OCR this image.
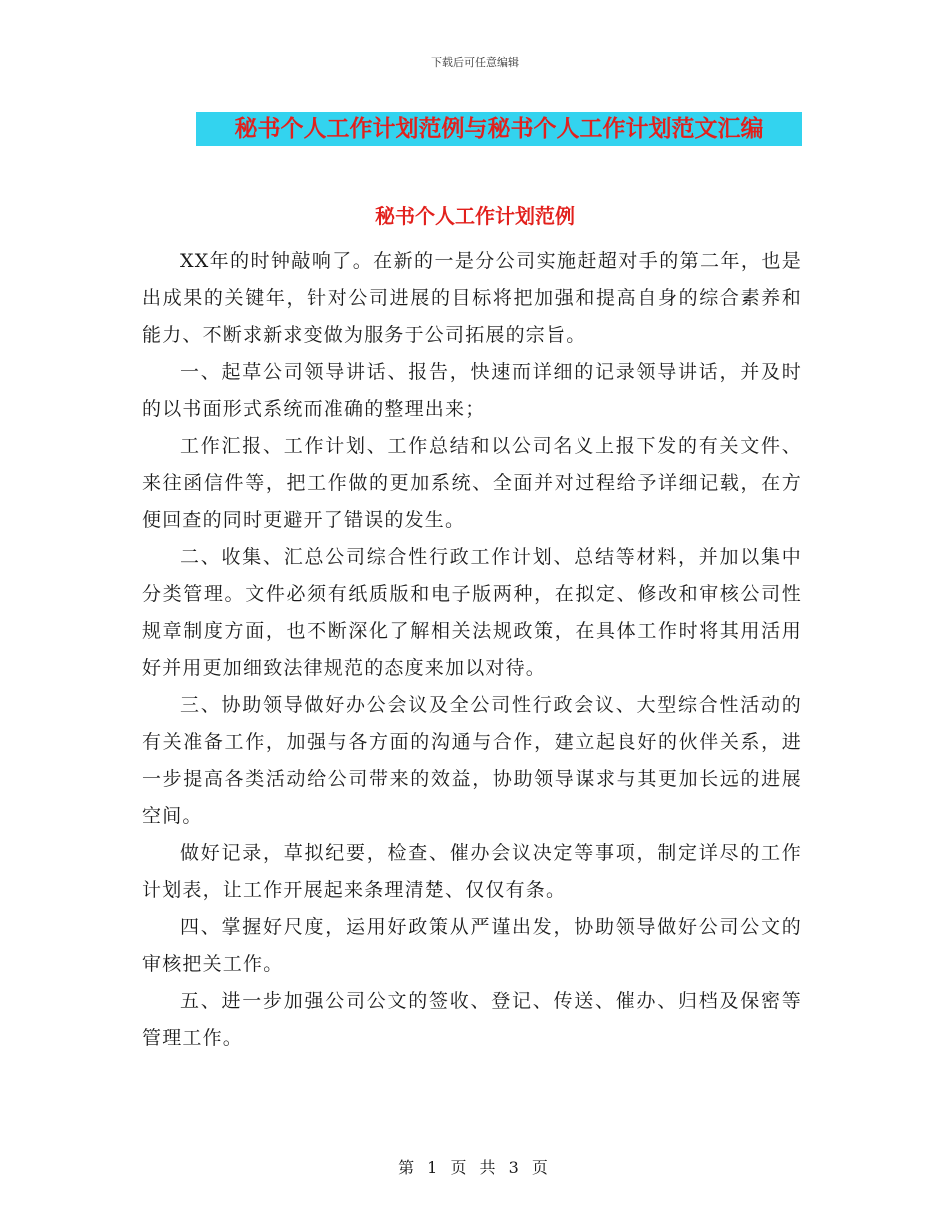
下载后可任意编辑
秘书个人工作计划范例与秘书个人工作计划范文汇编
秘书个人工作计划范例

XX年的时钟敲响了。在新的一是分公司实施赶超对手的第二年，也是出成果的关键年，针对公司进展的目标将把加强和提高自身的综合素养和能力、不断求新求变做为服务于公司拓展的宗旨。

一、起草公司领导讲话、报告，快速而详细的记录领导讲话，并及时的以书面形式系统而准确的整理出来；

工作汇报、工作计划、工作总结和以公司名义上报下发的有关文件、来往函信件等，把工作做的更加系统、全面并对过程给予详细记载，在方便回查的同时更避开了错误的发生。

二、收集、汇总公司综合性行政工作计划、总结等材料，并加以集中分类管理。文件必须有纸质版和电子版两种，在拟定、修改和审核公司性规章制度方面，也不断深化了解相关法规政策，在具体工作时将其用活用好并用更加细致法律规范的态度来加以对待。

三、协助领导做好办公会议及全公司性行政会议、大型综合性活动的有关准备工作，加强与各方面的沟通与合作，建立起良好的伙伴关系，进一步提高各类活动给公司带来的效益，协助领导谋求与其更加长远的进展空间。

做好记录，草拟纪要，检查、催办会议决定等事项，制定详尽的工作计划表，让工作开展起来条理清楚、仅仅有条。

四、掌握好尺度，运用好政策从严谨出发，协助领导做好公司公文的审核把关工作。

五、进一步加强公司公文的签收、登记、传送、催办、归档及保密等管理工作。

第 1 页 共 3 页
